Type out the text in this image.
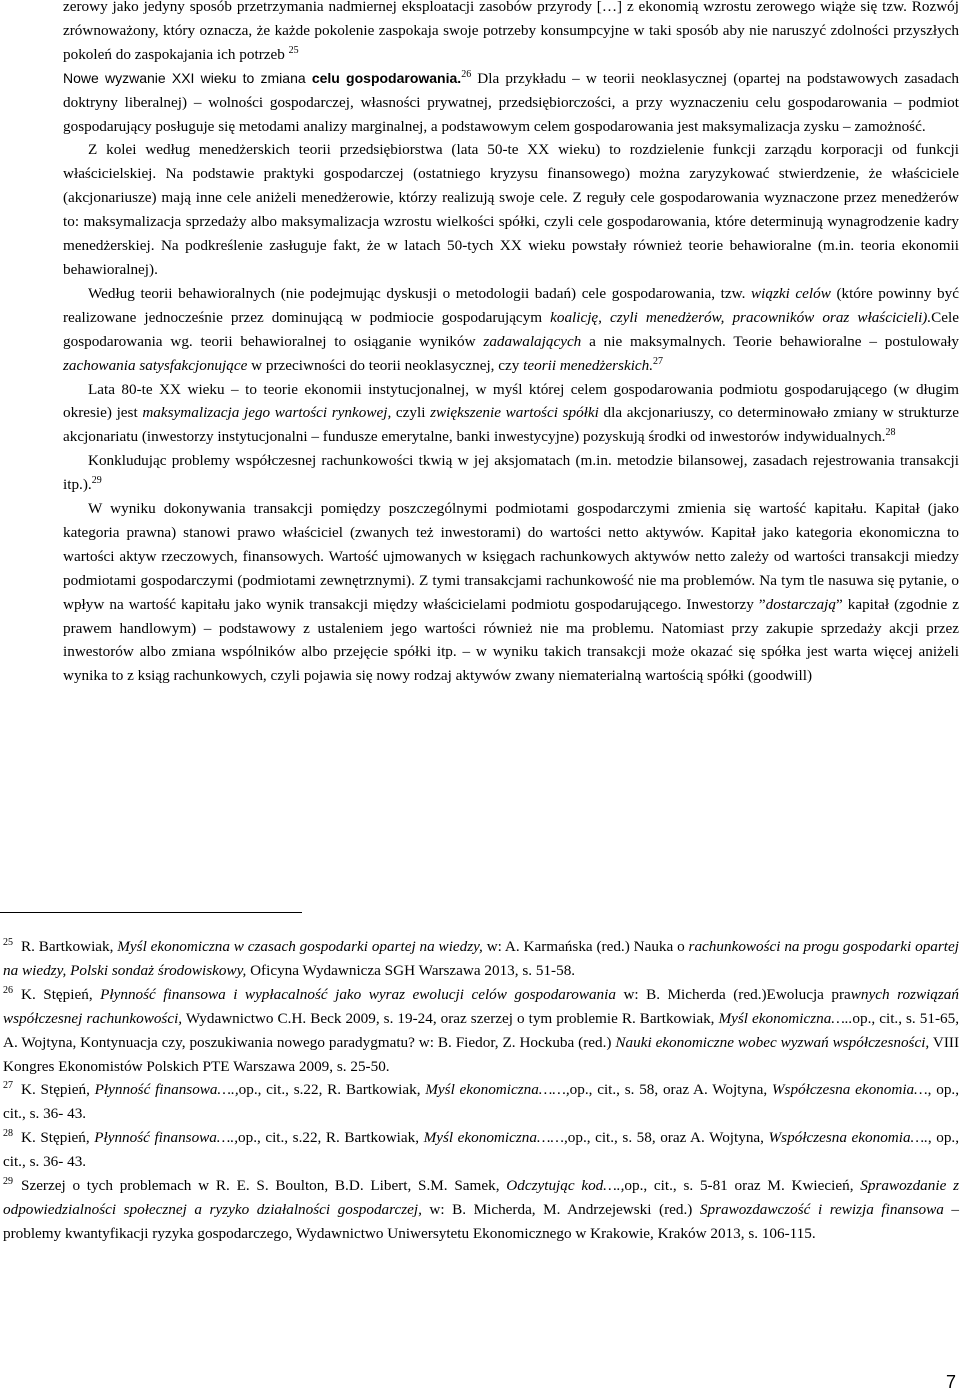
zerowy jako jedyny sposób przetrzymania nadmiernej eksploatacji zasobów przyrody […] z ekonomią wzrostu zerowego wiąże się tzw. Rozwój zrównoważony, który oznacza, że każde pokolenie zaspokaja swoje potrzeby konsumpcyjne w taki sposób aby nie naruszyć zdolności przyszłych pokoleń do zaspokajania ich potrzeb $^{25}$

Nowe wyzwanie XXI wieku to zmiana celu gospodarowania.$^{26}$ Dla przykładu – w teorii neoklasycznej (opartej na podstawowych zasadach doktryny liberalnej) – wolności gospodarczej, własności prywatnej, przedsiębiorczości, a przy wyznaczeniu celu gospodarowania – podmiot gospodarujący posługuje się metodami analizy marginalnej, a podstawowym celem gospodarowania jest maksymalizacja zysku – zamożność.

Z kolei według menedżerskich teorii przedsiębiorstwa (lata 50-te XX wieku) to rozdzielenie funkcji zarządu korporacji od funkcji właścicielskiej. Na podstawie praktyki gospodarczej (ostatniego kryzysu finansowego) można zaryzykować stwierdzenie, że właściciele (akcjonariusze) mają inne cele aniżeli menedżerowie, którzy realizują swoje cele. Z reguły cele gospodarowania wyznaczone przez menedżerów to: maksymalizacja sprzedaży albo maksymalizacja wzrostu wielkości spółki, czyli cele gospodarowania, które determinują wynagrodzenie kadry menedżerskiej. Na podkreślenie zasługuje fakt, że w latach 50-tych XX wieku powstały również teorie behawioralne (m.in. teoria ekonomii behawioralnej).

Według teorii behawioralnych (nie podejmując dyskusji o metodologii badań) cele gospodarowania, tzw. wiązki celów (które powinny być realizowane jednocześnie przez dominującą w podmiocie gospodarującym koalicję, czyli menedżerów, pracowników oraz właścicieli).Cele gospodarowania wg. teorii behawioralnej to osiąganie wyników zadawalających a nie maksymalnych. Teorie behawioralne – postulowały zachowania satysfakcjonujące w przeciwności do teorii neoklasycznej, czy teorii menedżerskich.$^{27}$

Lata 80-te XX wieku – to teorie ekonomii instytucjonalnej, w myśl której celem gospodarowania podmiotu gospodarującego (w długim okresie) jest maksymalizacja jego wartości rynkowej, czyli zwiększenie wartości spółki dla akcjonariuszy, co determinowało zmiany w strukturze akcjonariatu (inwestorzy instytucjonalni – fundusze emerytalne, banki inwestycyjne) pozyskują środki od inwestorów indywidualnych.$^{28}$

Konkludując problemy współczesnej rachunkowości tkwią w jej aksjomatach (m.in. metodzie bilansowej, zasadach rejestrowania transakcji itp.).$^{29}$

W wyniku dokonywania transakcji pomiędzy poszczególnymi podmiotami gospodarczymi zmienia się wartość kapitału. Kapitał (jako kategoria prawna) stanowi prawo właściciel (zwanych też inwestorami) do wartości netto aktywów. Kapitał jako kategoria ekonomiczna to wartości aktyw rzeczowych, finansowych. Wartość ujmowanych w księgach rachunkowych aktywów netto zależy od wartości transakcji miedzy podmiotami gospodarczymi (podmiotami zewnętrznymi). Z tymi transakcjami rachunkowość nie ma problemów. Na tym tle nasuwa się pytanie, o wpływ na wartość kapitału jako wynik transakcji między właścicielami podmiotu gospodarującego. Inwestorzy ”dostarczają” kapitał (zgodnie z prawem handlowym) – podstawowy z ustaleniem jego wartości również nie ma problemu. Natomiast przy zakupie sprzedaży akcji przez inwestorów albo zmiana wspólników albo przejęcie spółki itp. – w wyniku takich transakcji może okazać się spółka jest warta więcej aniżeli wynika to z ksiąg rachunkowych, czyli pojawia się nowy rodzaj aktywów zwany niematerialną wartością spółki (goodwill)

$^{25}$ R. Bartkowiak, Myśl ekonomiczna w czasach gospodarki opartej na wiedzy, w: A. Karmańska (red.) Nauka o rachunkowości na progu gospodarki opartej na wiedzy, Polski sondaż środowiskowy, Oficyna Wydawnicza SGH Warszawa 2013, s. 51-58.

$^{26}$ K. Stępień, Płynność finansowa i wypłacalność jako wyraz ewolucji celów gospodarowania w: B. Micherda (red.)Ewolucja prawnych rozwiązań współczesnej rachunkowości, Wydawnictwo C.H. Beck 2009, s. 19-24, oraz szerzej o tym problemie R. Bartkowiak, Myśl ekonomiczna…..op., cit., s. 51-65, A. Wojtyna, Kontynuacja czy, poszukiwania nowego paradygmatu? w: B. Fiedor, Z. Hockuba (red.) Nauki ekonomiczne wobec wyzwań współczesności, VIII Kongres Ekonomistów Polskich PTE Warszawa 2009, s. 25-50.

$^{27}$ K. Stępień, Płynność finansowa….,op., cit., s.22, R. Bartkowiak, Myśl ekonomiczna……,op., cit., s. 58, oraz A. Wojtyna, Współczesna ekonomia…, op., cit., s. 36- 43.

$^{28}$ K. Stępień, Płynność finansowa….,op., cit., s.22, R. Bartkowiak, Myśl ekonomiczna……,op., cit., s. 58, oraz A. Wojtyna, Współczesna ekonomia…., op., cit., s. 36- 43.

$^{29}$ Szerzej o tych problemach w R. E. S. Boulton, B.D. Libert, S.M. Samek, Odczytując kod….,op., cit., s. 5-81 oraz M. Kwiecień, Sprawozdanie z odpowiedzialności społecznej a ryzyko działalności gospodarczej, w: B. Micherda, M. Andrzejewski (red.) Sprawozdawczość i rewizja finansowa – problemy kwantyfikacji ryzyka gospodarczego, Wydawnictwo Uniwersytetu Ekonomicznego w Krakowie, Kraków 2013, s. 106-115.

7
